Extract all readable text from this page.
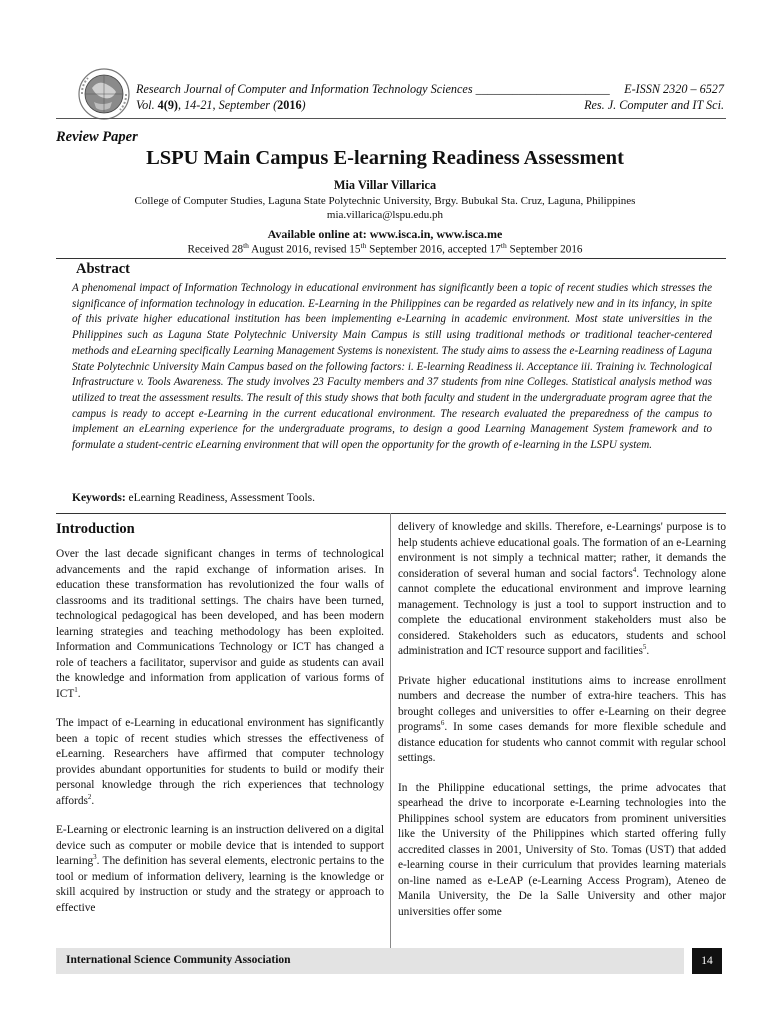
Research Journal of Computer and Information Technology Sciences ______________________
Vol. 4(9), 14-21, September (2016)
E-ISSN 2320 – 6527
Res. J. Computer and IT Sci.
Review Paper
LSPU Main Campus E-learning Readiness Assessment
Mia Villar Villarica
College of Computer Studies, Laguna State Polytechnic University, Brgy. Bubukal Sta. Cruz, Laguna, Philippines
mia.villarica@lspu.edu.ph
Available online at: www.isca.in, www.isca.me
Received 28th August 2016, revised 15th September 2016, accepted 17th September 2016
Abstract
A phenomenal impact of Information Technology in educational environment has significantly been a topic of recent studies which stresses the significance of information technology in education. E-Learning in the Philippines can be regarded as relatively new and in its infancy, in spite of this private higher educational institution has been implementing e-Learning in academic environment. Most state universities in the Philippines such as Laguna State Polytechnic University Main Campus is still using traditional methods or traditional teacher-centered methods and eLearning specifically Learning Management Systems is nonexistent. The study aims to assess the e-Learning readiness of Laguna State Polytechnic University Main Campus based on the following factors: i. E-learning Readiness ii. Acceptance iii. Training iv. Technological Infrastructure v. Tools Awareness. The study involves 23 Faculty members and 37 students from nine Colleges. Statistical analysis method was utilized to treat the assessment results. The result of this study shows that both faculty and student in the undergraduate program agree that the campus is ready to accept e-Learning in the current educational environment. The research evaluated the preparedness of the campus to implement an eLearning experience for the undergraduate programs, to design a good Learning Management System framework and to formulate a student-centric eLearning environment that will open the opportunity for the growth of e-learning in the LSPU system.
Keywords: eLearning Readiness, Assessment Tools.
Introduction

Over the last decade significant changes in terms of technological advancements and the rapid exchange of information arises. In education these transformation has revolutionized the four walls of classrooms and its traditional settings. The chairs have been turned, technological pedagogical has been developed, and has been modern learning strategies and teaching methodology has been exploited. Information and Communications Technology or ICT has changed a role of teachers a facilitator, supervisor and guide as students can avail the knowledge and information from application of various forms of ICT$^1$.

The impact of e-Learning in educational environment has significantly been a topic of recent studies which stresses the effectiveness of eLearning. Researchers have affirmed that computer technology provides abundant opportunities for students to build or modify their personal knowledge through the rich experiences that technology affords$^2$.

E-Learning or electronic learning is an instruction delivered on a digital device such as computer or mobile device that is intended to support learning$^3$. The definition has several elements, electronic pertains to the tool or medium of information delivery, learning is the knowledge or skill acquired by instruction or study and the strategy or approach to effective

delivery of knowledge and skills. Therefore, e-Learnings' purpose is to help students achieve educational goals. The formation of an e-Learning environment is not simply a technical matter; rather, it demands the consideration of several human and social factors$^4$. Technology alone cannot complete the educational environment and improve learning management. Technology is just a tool to support instruction and to complete the educational environment stakeholders must also be considered. Stakeholders such as educators, students and school administration and ICT resource support and facilities$^5$.

Private higher educational institutions aims to increase enrollment numbers and decrease the number of extra-hire teachers. This has brought colleges and universities to offer e-Learning on their degree programs$^6$. In some cases demands for more flexible schedule and distance education for students who cannot commit with regular school settings.

In the Philippine educational settings, the prime advocates that spearhead the drive to incorporate e-Learning technologies into the Philippines school system are educators from prominent universities like the University of the Philippines which started offering fully accredited classes in 2001, University of Sto. Tomas (UST) that added e-learning course in their curriculum that provides learning materials on-line named as e-LeAP (e-Learning Access Program), Ateneo de Manila University, the De la Salle University and other major universities offer some

International Science Community Association	14
